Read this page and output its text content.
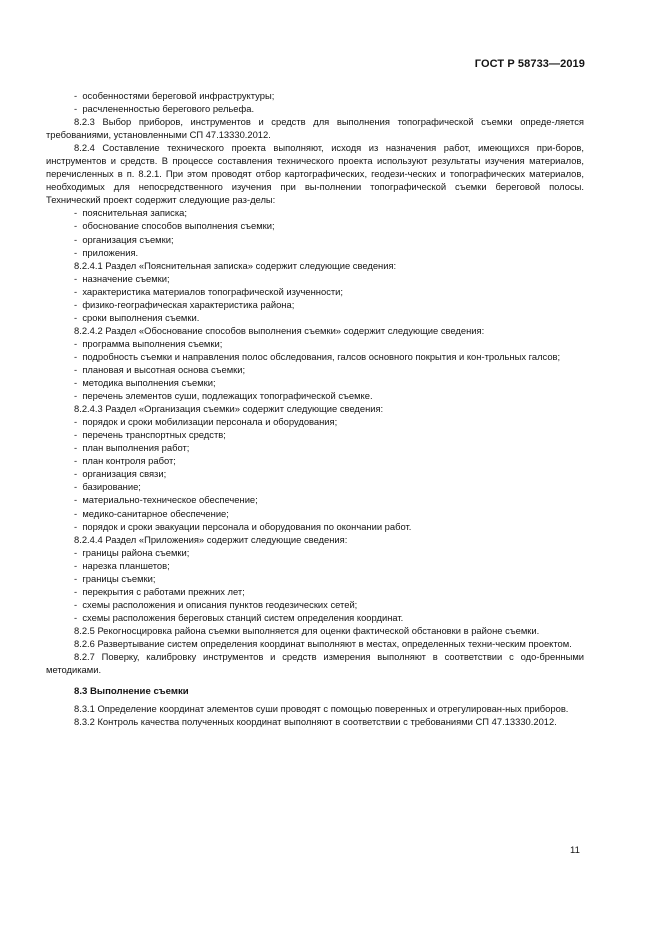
ГОСТ Р 58733—2019

-  особенностями береговой инфраструктуры;

-  расчлененностью берегового рельефа.

8.2.3 Выбор приборов, инструментов и средств для выполнения топографической съемки опреде-ляется требованиями, установленными СП 47.13330.2012.

8.2.4 Составление технического проекта выполняют, исходя из назначения работ, имеющихся при-боров, инструментов и средств. В процессе составления технического проекта используют результаты изучения материалов, перечисленных в п. 8.2.1. При этом проводят отбор картографических, геодези-ческих и топографических материалов, необходимых для непосредственного изучения при вы-полнении топографической съемки береговой полосы. Технический проект содержит следующие раз-делы:

-  пояснительная записка;

-  обоснование способов выполнения съемки;

-  организация съемки;

-  приложения.

8.2.4.1 Раздел «Пояснительная записка» содержит следующие сведения:

-  назначение съемки;

-  характеристика материалов топографической изученности;

-  физико-географическая характеристика района;

-  сроки выполнения съемки.

8.2.4.2 Раздел «Обоснование способов выполнения съемки» содержит следующие сведения:

-  программа выполнения съемки;

-  подробность съемки и направления полос обследования, галсов основного покрытия и кон-трольных галсов;

-  плановая и высотная основа съемки;

-  методика выполнения съемки;

-  перечень элементов суши, подлежащих топографической съемке.

8.2.4.3 Раздел «Организация съемки» содержит следующие сведения:

-  порядок и сроки мобилизации персонала и оборудования;

-  перечень транспортных средств;

-  план выполнения работ;

-  план контроля работ;

-  организация связи;

-  базирование;

-  материально-техническое обеспечение;

-  медико-санитарное обеспечение;

-  порядок и сроки эвакуации персонала и оборудования по окончании работ.

8.2.4.4 Раздел «Приложения» содержит следующие сведения:

-  границы района съемки;

-  нарезка планшетов;

-  границы съемки;

-  перекрытия с работами прежних лет;

-  схемы расположения и описания пунктов геодезических сетей;

-  схемы расположения береговых станций систем определения координат.

8.2.5 Рекогносцировка района съемки выполняется для оценки фактической обстановки в районе съемки.

8.2.6 Развертывание систем определения координат выполняют в местах, определенных техни-ческим проектом.

8.2.7 Поверку, калибровку инструментов и средств измерения выполняют в соответствии с одо-бренными методиками.

8.3 Выполнение съемки

8.3.1 Определение координат элементов суши проводят с помощью поверенных и отрегулирован-ных приборов.

8.3.2 Контроль качества полученных координат выполняют в соответствии с требованиями СП 47.13330.2012.

11
